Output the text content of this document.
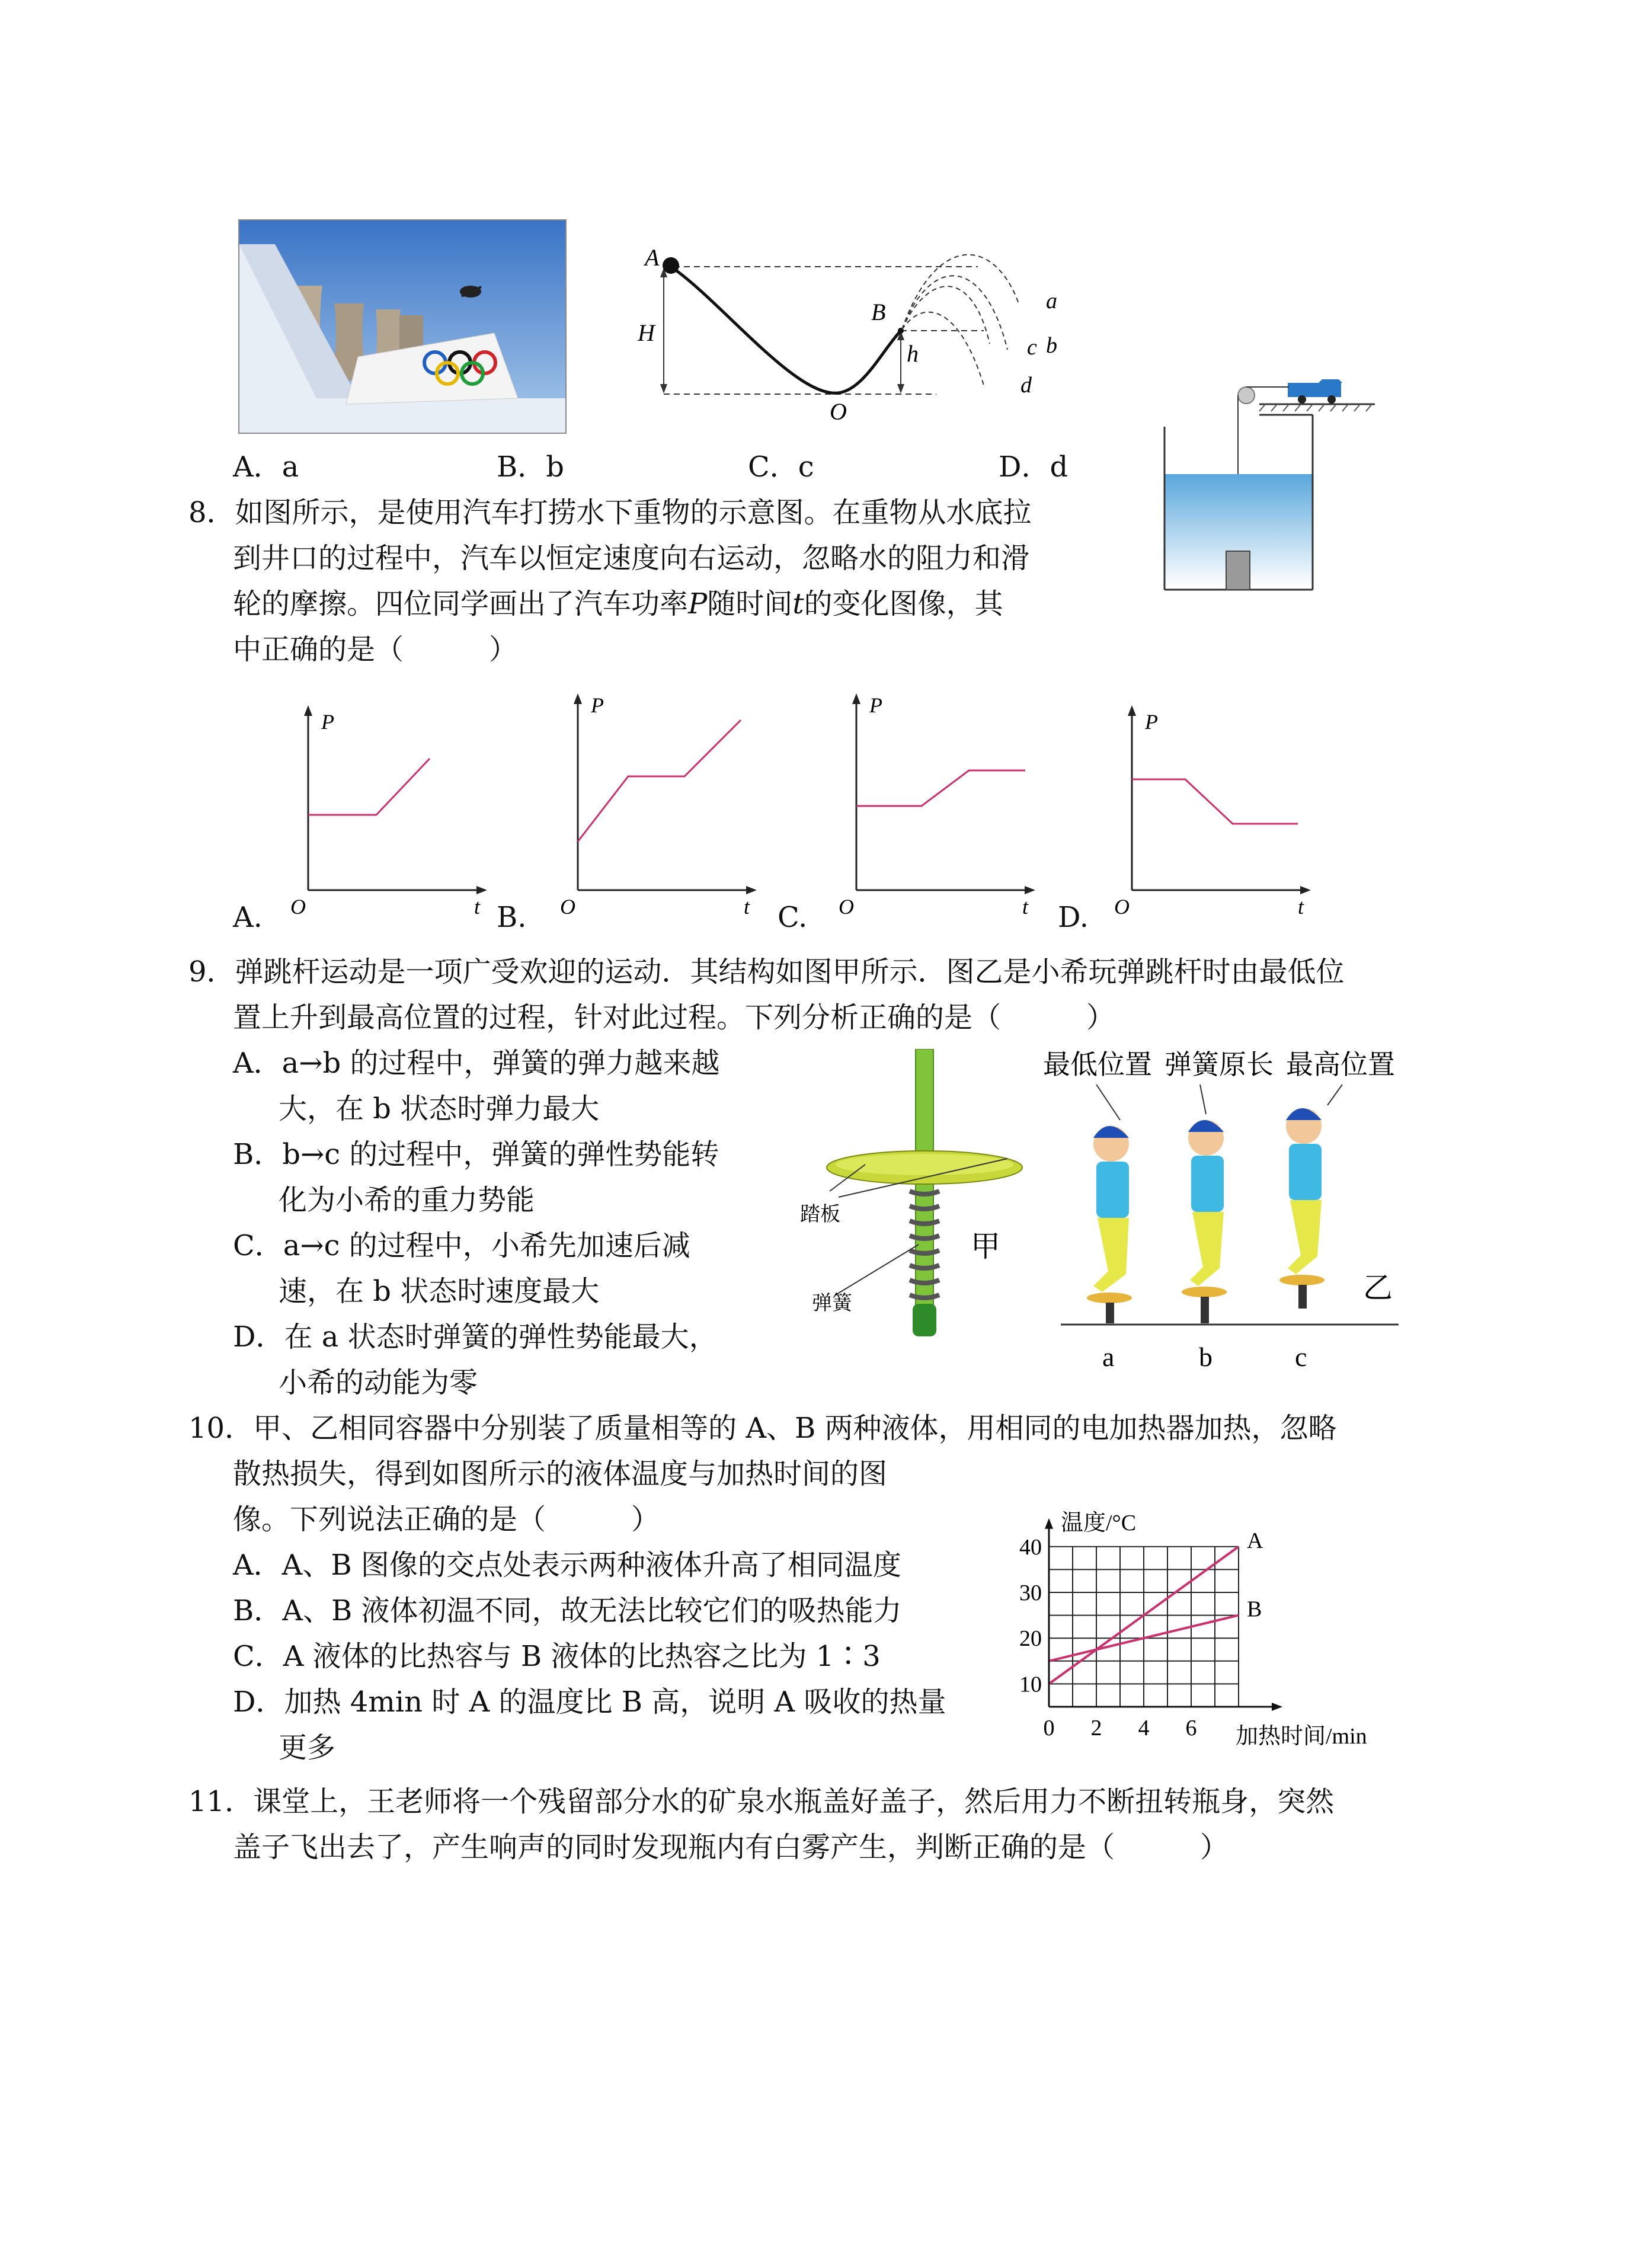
A
H
B
h
O
a
b
c
d
A．a	B．b	C．c	D．d
8．如图所示，是使用汽车打捞水下重物的示意图。在重物从水底拉
到井口的过程中，汽车以恒定速度向右运动，忽略水的阻力和滑
轮的摩擦。四位同学画出了汽车功率P随时间t的变化图像，其
中正确的是（　　　）
P
O	t
A.
P
O	t
B.
P
O	t
C.
P
O	t
D.
9．弹跳杆运动是一项广受欢迎的运动．其结构如图甲所示．图乙是小希玩弹跳杆时由最低位
置上升到最高位置的过程，针对此过程。下列分析正确的是（　　　）
A．a→b 的过程中，弹簧的弹力越来越
大，在 b 状态时弹力最大
B．b→c 的过程中，弹簧的弹性势能转
化为小希的重力势能
C．a→c 的过程中，小希先加速后减
速，在 b 状态时速度最大
D．在 a 状态时弹簧的弹性势能最大，
小希的动能为零
踏板
弹簧
甲
最低位置 弹簧原长 最高位置
a	b	c
乙
10．甲、乙相同容器中分别装了质量相等的 A、B 两种液体，用相同的电加热器加热，忽略
散热损失，得到如图所示的液体温度与加热时间的图
像。下列说法正确的是（　　　）
A．A、B 图像的交点处表示两种液体升高了相同温度
B．A、B 液体初温不同，故无法比较它们的吸热能力
C．A 液体的比热容与 B 液体的比热容之比为 1∶3
D．加热 4min 时 A 的温度比 B 高，说明 A 吸收的热量
更多
A
B
10
20
30
40
0 2 4 6
温度/°C
加热时间/min
11．课堂上，王老师将一个残留部分水的矿泉水瓶盖好盖子，然后用力不断扭转瓶身，突然
盖子飞出去了，产生响声的同时发现瓶内有白雾产生，判断正确的是（　　　）
